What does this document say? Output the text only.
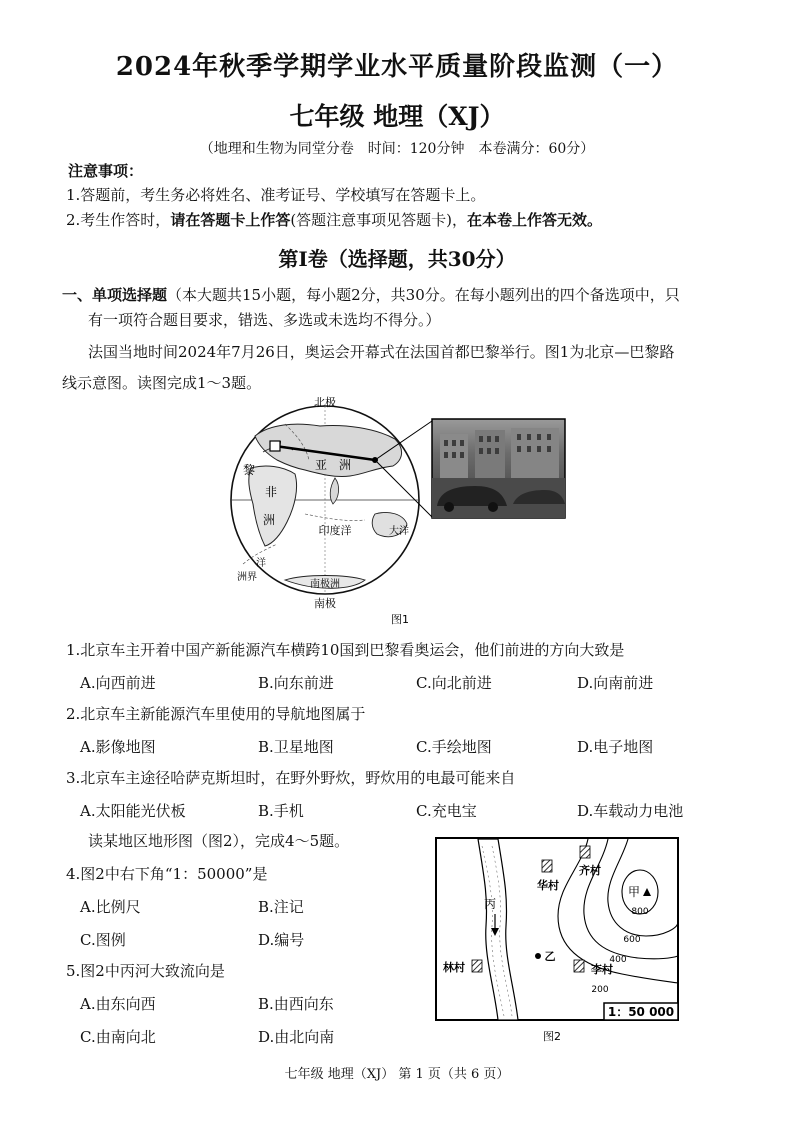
2024年秋季学期学业水平质量阶段监测（一）
七年级 地理（XJ）
（地理和生物为同堂分卷　时间：120分钟　本卷满分：60分）
注意事项：
1.答题前，考生务必将姓名、准考证号、学校填写在答题卡上。
2.考生作答时，请在答题卡上作答(答题注意事项见答题卡)，在本卷上作答无效。
第Ⅰ卷（选择题，共30分）
一、单项选择题（本大题共15小题，每小题2分，共30分。在每小题列出的四个备选项中，只
有一项符合题目要求，错选、多选或未选均不得分。）
法国当地时间2024年7月26日，奥运会开幕式在法国首都巴黎举行。图1为北京—巴黎路
线示意图。读图完成1～3题。
北极
南极
亚　洲
非
洲
黎
印度洋	大洋
洋
洲界
南极洲
图1
1.北京车主开着中国产新能源汽车横跨10国到巴黎看奥运会，他们前进的方向大致是
A.向西前进	B.向东前进	C.向北前进	D.向南前进
2.北京车主新能源汽车里使用的导航地图属于
A.影像地图	B.卫星地图	C.手绘地图	D.电子地图
3.北京车主途径哈萨克斯坦时，在野外野炊，野炊用的电最可能来自
A.太阳能光伏板	B.手机	C.充电宝	D.车载动力电池
读某地区地形图（图2），完成4～5题。
4.图2中右下角“1：50000”是
A.比例尺	B.注记
C.图例	D.编号
5.图2中丙河大致流向是
A.由东向西	B.由西向东
C.由南向北	D.由北向南
丙
甲
800
600
400
200
华村
齐村
林村	李村
乙
1：50 000
图2
七年级 地理（XJ） 第 1 页（共 6 页）
